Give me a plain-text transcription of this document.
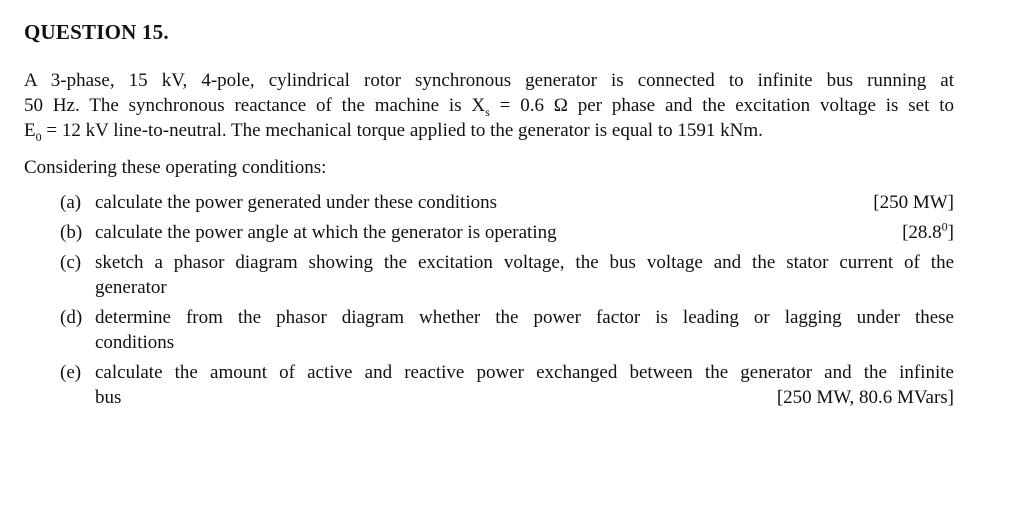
QUESTION 15.
A 3-phase, 15 kV, 4-pole, cylindrical rotor synchronous generator is connected to infinite bus running at
50 Hz. The synchronous reactance of the machine is $X_s = 0.6$ Ω per phase and the excitation voltage is set to
$E_0 = 12$ kV line-to-neutral. The mechanical torque applied to the generator is equal to 1591 kNm.
Considering these operating conditions:
(a) calculate the power generated under these conditions	[250 MW]
(b) calculate the power angle at which the generator is operating	[28.8$^0$]
(c) sketch a phasor diagram showing the excitation voltage, the bus voltage and the stator current of the
generator
(d) determine from the phasor diagram whether the power factor is leading or lagging under these
conditions
(e) calculate the amount of active and reactive power exchanged between the generator and the infinite
bus	[250 MW, 80.6 MVars]
